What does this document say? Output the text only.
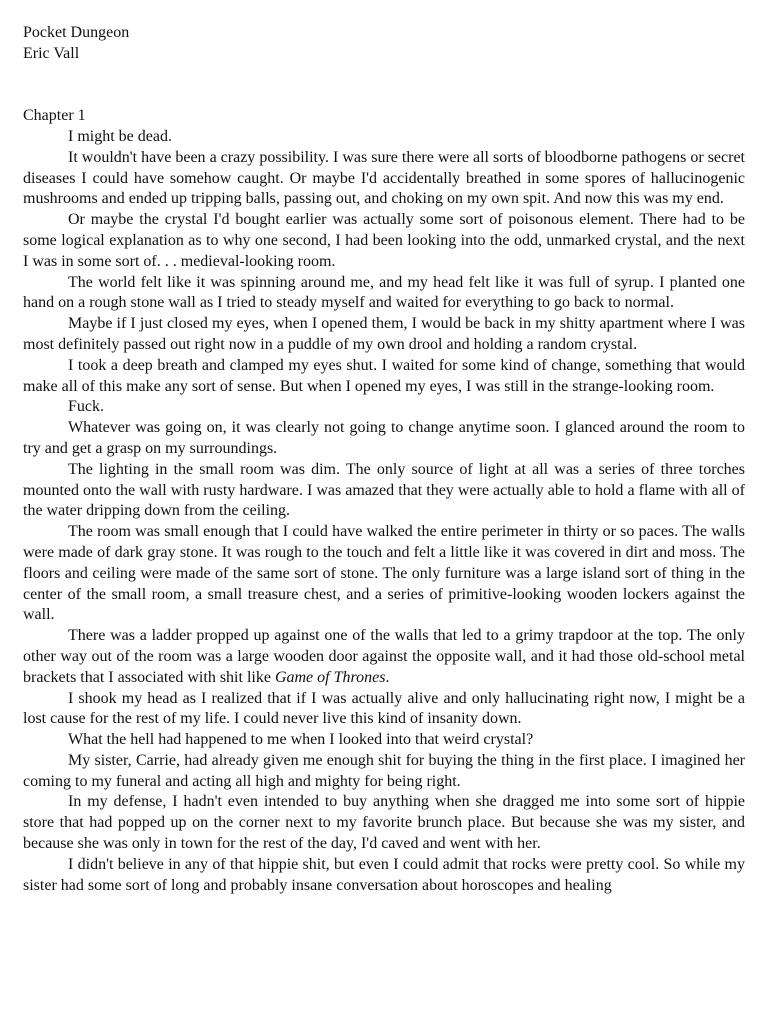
Pocket Dungeon

Eric Vall

Chapter 1

I might be dead.

It wouldn't have been a crazy possibility. I was sure there were all sorts of bloodborne pathogens or secret diseases I could have somehow caught. Or maybe I'd accidentally breathed in some spores of hallucinogenic mushrooms and ended up tripping balls, passing out, and choking on my own spit. And now this was my end.

Or maybe the crystal I'd bought earlier was actually some sort of poisonous element. There had to be some logical explanation as to why one second, I had been looking into the odd, unmarked crystal, and the next I was in some sort of. . . medieval-looking room.

The world felt like it was spinning around me, and my head felt like it was full of syrup. I planted one hand on a rough stone wall as I tried to steady myself and waited for everything to go back to normal.

Maybe if I just closed my eyes, when I opened them, I would be back in my shitty apartment where I was most definitely passed out right now in a puddle of my own drool and holding a random crystal.

I took a deep breath and clamped my eyes shut. I waited for some kind of change, something that would make all of this make any sort of sense. But when I opened my eyes, I was still in the strange-looking room.

Fuck.

Whatever was going on, it was clearly not going to change anytime soon. I glanced around the room to try and get a grasp on my surroundings.

The lighting in the small room was dim. The only source of light at all was a series of three torches mounted onto the wall with rusty hardware. I was amazed that they were actually able to hold a flame with all of the water dripping down from the ceiling.

The room was small enough that I could have walked the entire perimeter in thirty or so paces. The walls were made of dark gray stone. It was rough to the touch and felt a little like it was covered in dirt and moss. The floors and ceiling were made of the same sort of stone. The only furniture was a large island sort of thing in the center of the small room, a small treasure chest, and a series of primitive-looking wooden lockers against the wall.

There was a ladder propped up against one of the walls that led to a grimy trapdoor at the top. The only other way out of the room was a large wooden door against the opposite wall, and it had those old-school metal brackets that I associated with shit like Game of Thrones.

I shook my head as I realized that if I was actually alive and only hallucinating right now, I might be a lost cause for the rest of my life. I could never live this kind of insanity down.

What the hell had happened to me when I looked into that weird crystal?

My sister, Carrie, had already given me enough shit for buying the thing in the first place. I imagined her coming to my funeral and acting all high and mighty for being right.

In my defense, I hadn't even intended to buy anything when she dragged me into some sort of hippie store that had popped up on the corner next to my favorite brunch place. But because she was my sister, and because she was only in town for the rest of the day, I'd caved and went with her.

I didn't believe in any of that hippie shit, but even I could admit that rocks were pretty cool. So while my sister had some sort of long and probably insane conversation about horoscopes and healing
